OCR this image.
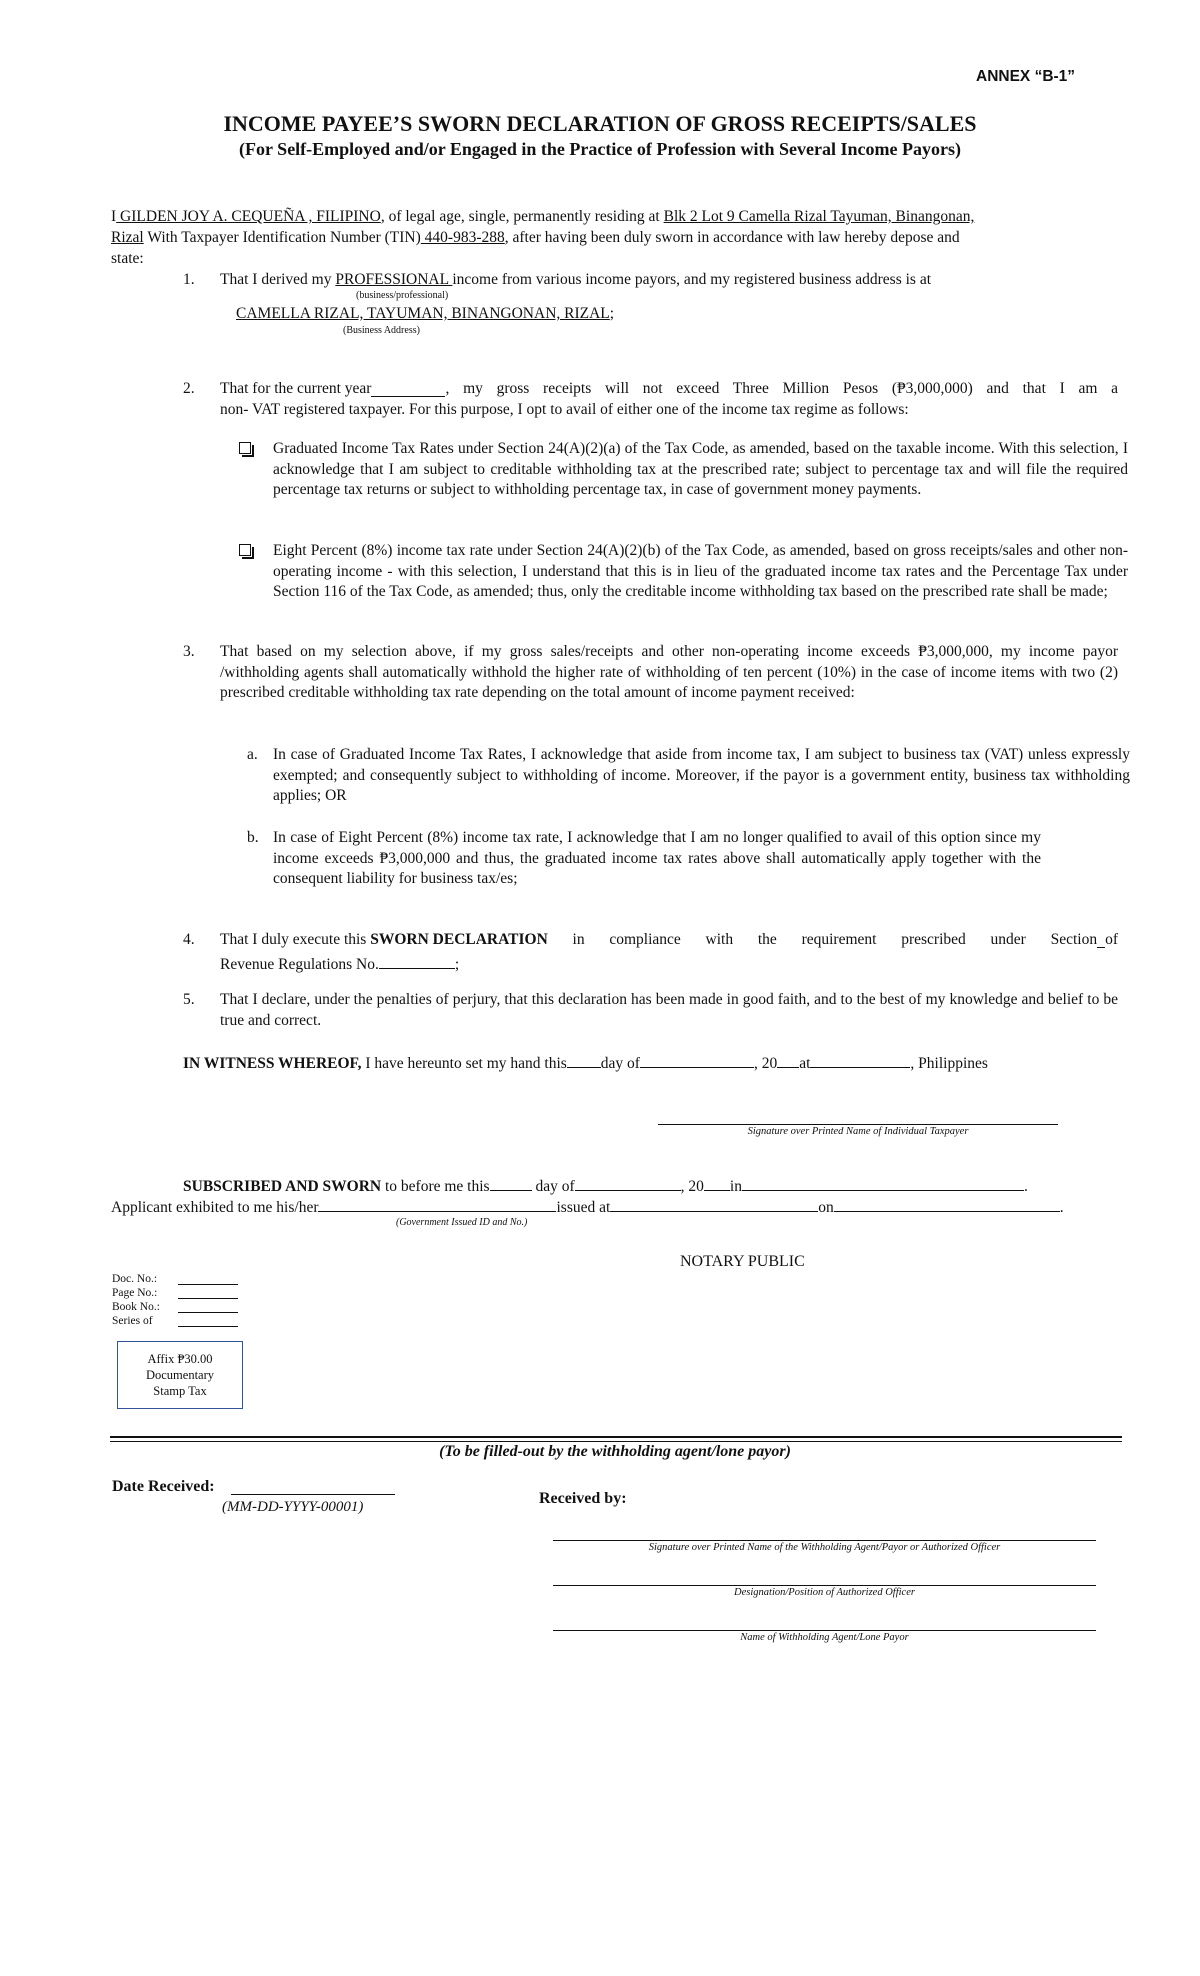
ANNEX “B-1”
INCOME PAYEE’S SWORN DECLARATION OF GROSS RECEIPTS/SALES
(For Self-Employed and/or Engaged in the Practice of Profession with Several Income Payors)
I GILDEN JOY A. CEQUEÑA , FILIPINO, of legal age, single, permanently residing at Blk 2 Lot 9 Camella Rizal Tayuman, Binangonan,
Rizal With Taxpayer Identification Number (TIN) 440-983-288, after having been duly sworn in accordance with law hereby depose and
state:
1. That I derived my PROFESSIONAL income from various income payors, and my registered business address is at
(business/professional)
CAMELLA RIZAL, TAYUMAN, BINANGONAN, RIZAL;
(Business Address)
2. That for the current year	, my gross receipts will not exceed Three Million Pesos (₱3,000,000) and that I am a
non- VAT registered taxpayer. For this purpose, I opt to avail of either one of the income tax regime as follows:
Graduated Income Tax Rates under Section 24(A)(2)(a) of the Tax Code, as amended, based on the taxable income. With this selection, I acknowledge that I am subject to creditable withholding tax at the prescribed rate; subject to percentage tax and will file the required percentage tax returns or subject to withholding percentage tax, in case of government money payments.
Eight Percent (8%) income tax rate under Section 24(A)(2)(b) of the Tax Code, as amended, based on gross receipts/sales and other non-operating income - with this selection, I understand that this is in lieu of the graduated income tax rates and the Percentage Tax under Section 116 of the Tax Code, as amended; thus, only the creditable income withholding tax based on the prescribed rate shall be made;
3. That based on my selection above, if my gross sales/receipts and other non-operating income exceeds ₱3,000,000, my income payor /withholding agents shall automatically withhold the higher rate of withholding of ten percent (10%) in the case of income items with two (2) prescribed creditable withholding tax rate depending on the total amount of income payment received:
a. In case of Graduated Income Tax Rates, I acknowledge that aside from income tax, I am subject to business tax (VAT) unless expressly exempted; and consequently subject to withholding of income. Moreover, if the payor is a government entity, business tax withholding applies; OR
b. In case of Eight Percent (8%) income tax rate, I acknowledge that I am no longer qualified to avail of this option since my income exceeds ₱3,000,000 and thus, the graduated income tax rates above shall automatically apply together with the consequent liability for business tax/es;
4. That I duly execute this SWORN DECLARATION in compliance with the requirement prescribed under Section of
Revenue Regulations No.	;
5. That I declare, under the penalties of perjury, that this declaration has been made in good faith, and to the best of my knowledge and belief to be true and correct.
IN WITNESS WHEREOF, I have hereunto set my hand this day of	, 20 at	, Philippines
Signature over Printed Name of Individual Taxpayer
SUBSCRIBED AND SWORN to before me this	day of	, 20 in	.
Applicant exhibited to me his/her	issued at	on	.
(Government Issued ID and No.)
NOTARY PUBLIC
Doc. No.:
Page No.:
Book No.:
Series of
Affix ₱30.00
Documentary
Stamp Tax
(To be filled-out by the withholding agent/lone payor)
Date Received:
(MM-DD-YYYY-00001)	Received by:
Signature over Printed Name of the Withholding Agent/Payor or Authorized Officer
Designation/Position of Authorized Officer
Name of Withholding Agent/Lone Payor
